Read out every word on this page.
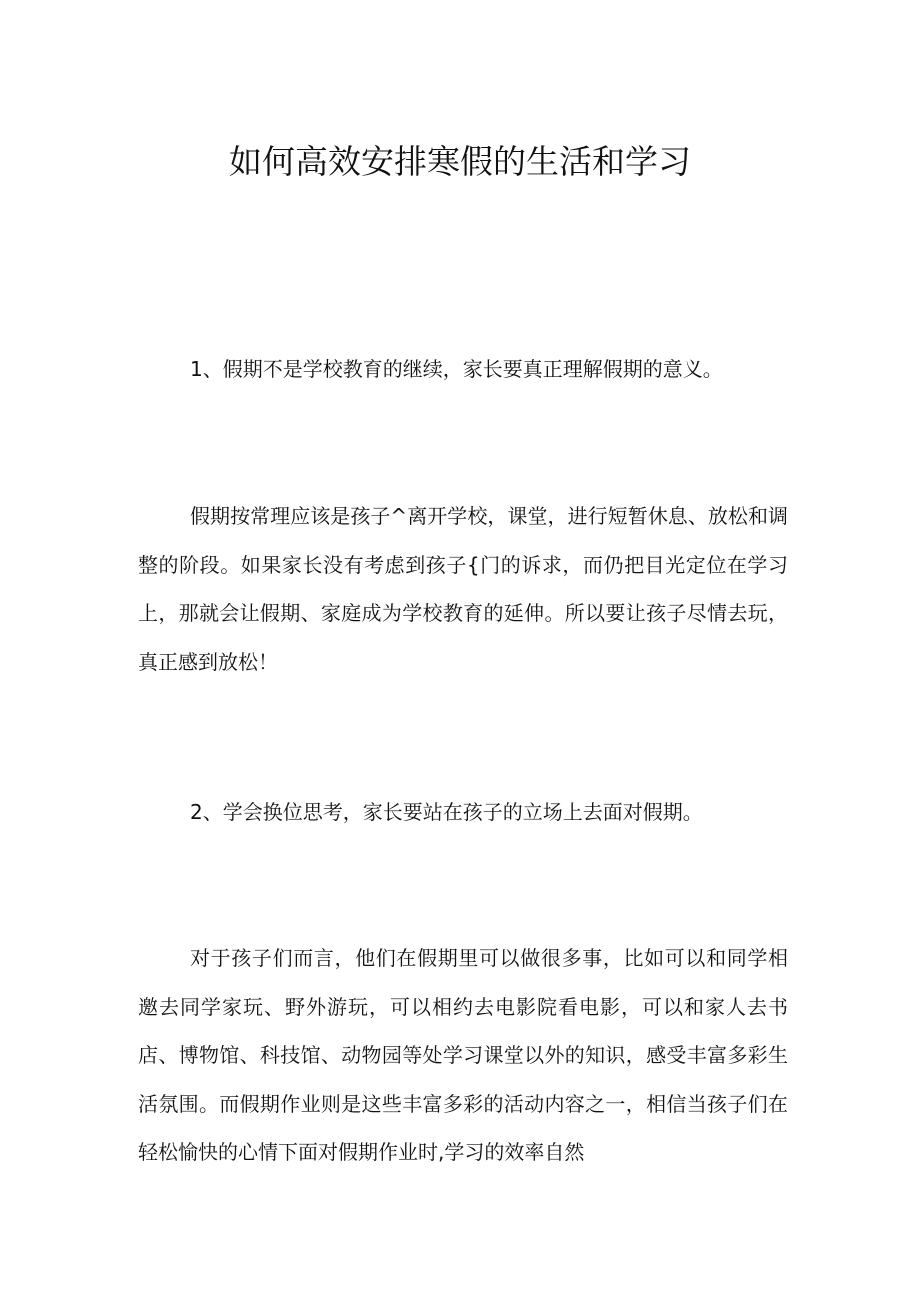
如何高效安排寒假的生活和学习

1、假期不是学校教育的继续，家长要真正理解假期的意义。

假期按常理应该是孩子^离开学校，课堂，进行短暂休息、放松和调整的阶段。如果家长没有考虑到孩子{门的诉求，而仍把目光定位在学习上，那就会让假期、家庭成为学校教育的延伸。所以要让孩子尽情去玩，真正感到放松！

2、学会换位思考，家长要站在孩子的立场上去面对假期。

对于孩子们而言，他们在假期里可以做很多事，比如可以和同学相邀去同学家玩、野外游玩，可以相约去电影院看电影，可以和家人去书店、博物馆、科技馆、动物园等处学习课堂以外的知识，感受丰富多彩生活氛围。而假期作业则是这些丰富多彩的活动内容之一，相信当孩子们在轻松愉快的心情下面对假期作业时,学习的效率自然
